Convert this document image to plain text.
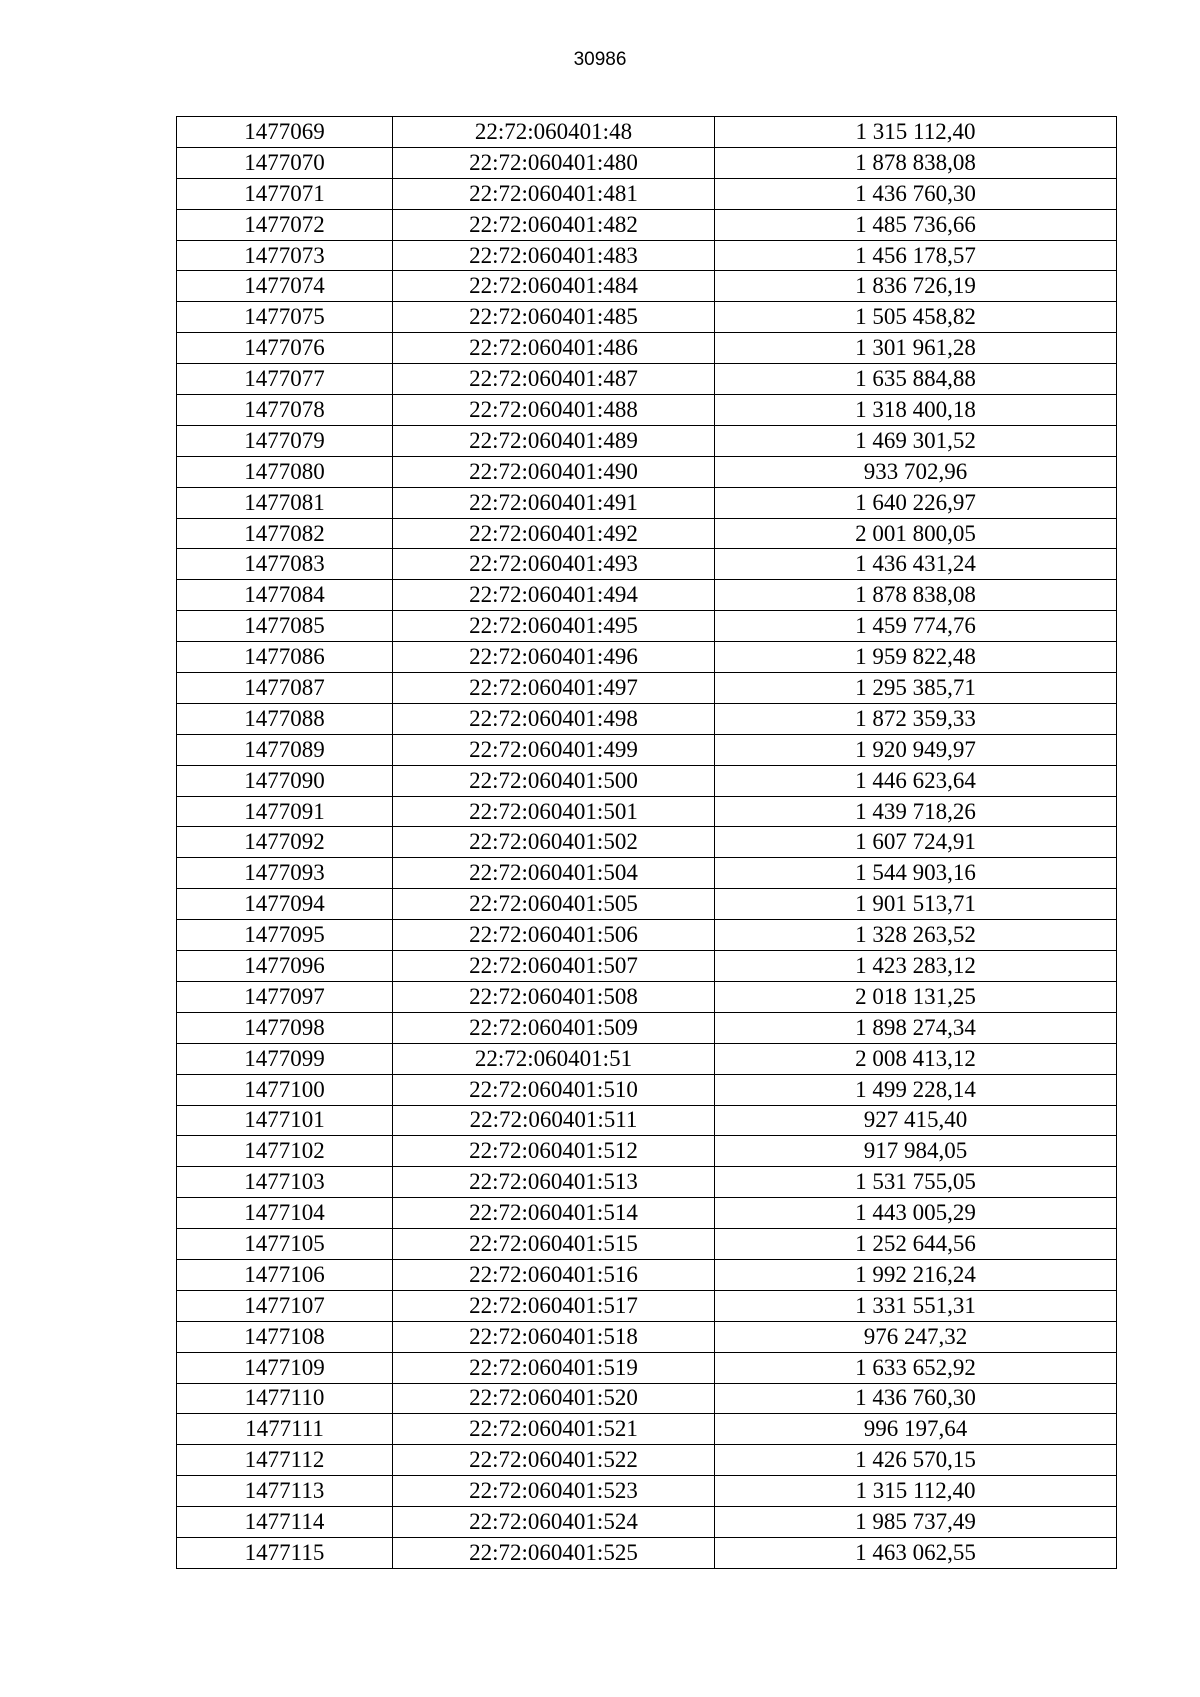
30986
1477069	22:72:060401:48	1 315 112,40
1477070	22:72:060401:480	1 878 838,08
1477071	22:72:060401:481	1 436 760,30
1477072	22:72:060401:482	1 485 736,66
1477073	22:72:060401:483	1 456 178,57
1477074	22:72:060401:484	1 836 726,19
1477075	22:72:060401:485	1 505 458,82
1477076	22:72:060401:486	1 301 961,28
1477077	22:72:060401:487	1 635 884,88
1477078	22:72:060401:488	1 318 400,18
1477079	22:72:060401:489	1 469 301,52
1477080	22:72:060401:490	933 702,96
1477081	22:72:060401:491	1 640 226,97
1477082	22:72:060401:492	2 001 800,05
1477083	22:72:060401:493	1 436 431,24
1477084	22:72:060401:494	1 878 838,08
1477085	22:72:060401:495	1 459 774,76
1477086	22:72:060401:496	1 959 822,48
1477087	22:72:060401:497	1 295 385,71
1477088	22:72:060401:498	1 872 359,33
1477089	22:72:060401:499	1 920 949,97
1477090	22:72:060401:500	1 446 623,64
1477091	22:72:060401:501	1 439 718,26
1477092	22:72:060401:502	1 607 724,91
1477093	22:72:060401:504	1 544 903,16
1477094	22:72:060401:505	1 901 513,71
1477095	22:72:060401:506	1 328 263,52
1477096	22:72:060401:507	1 423 283,12
1477097	22:72:060401:508	2 018 131,25
1477098	22:72:060401:509	1 898 274,34
1477099	22:72:060401:51	2 008 413,12
1477100	22:72:060401:510	1 499 228,14
1477101	22:72:060401:511	927 415,40
1477102	22:72:060401:512	917 984,05
1477103	22:72:060401:513	1 531 755,05
1477104	22:72:060401:514	1 443 005,29
1477105	22:72:060401:515	1 252 644,56
1477106	22:72:060401:516	1 992 216,24
1477107	22:72:060401:517	1 331 551,31
1477108	22:72:060401:518	976 247,32
1477109	22:72:060401:519	1 633 652,92
1477110	22:72:060401:520	1 436 760,30
1477111	22:72:060401:521	996 197,64
1477112	22:72:060401:522	1 426 570,15
1477113	22:72:060401:523	1 315 112,40
1477114	22:72:060401:524	1 985 737,49
1477115	22:72:060401:525	1 463 062,55
